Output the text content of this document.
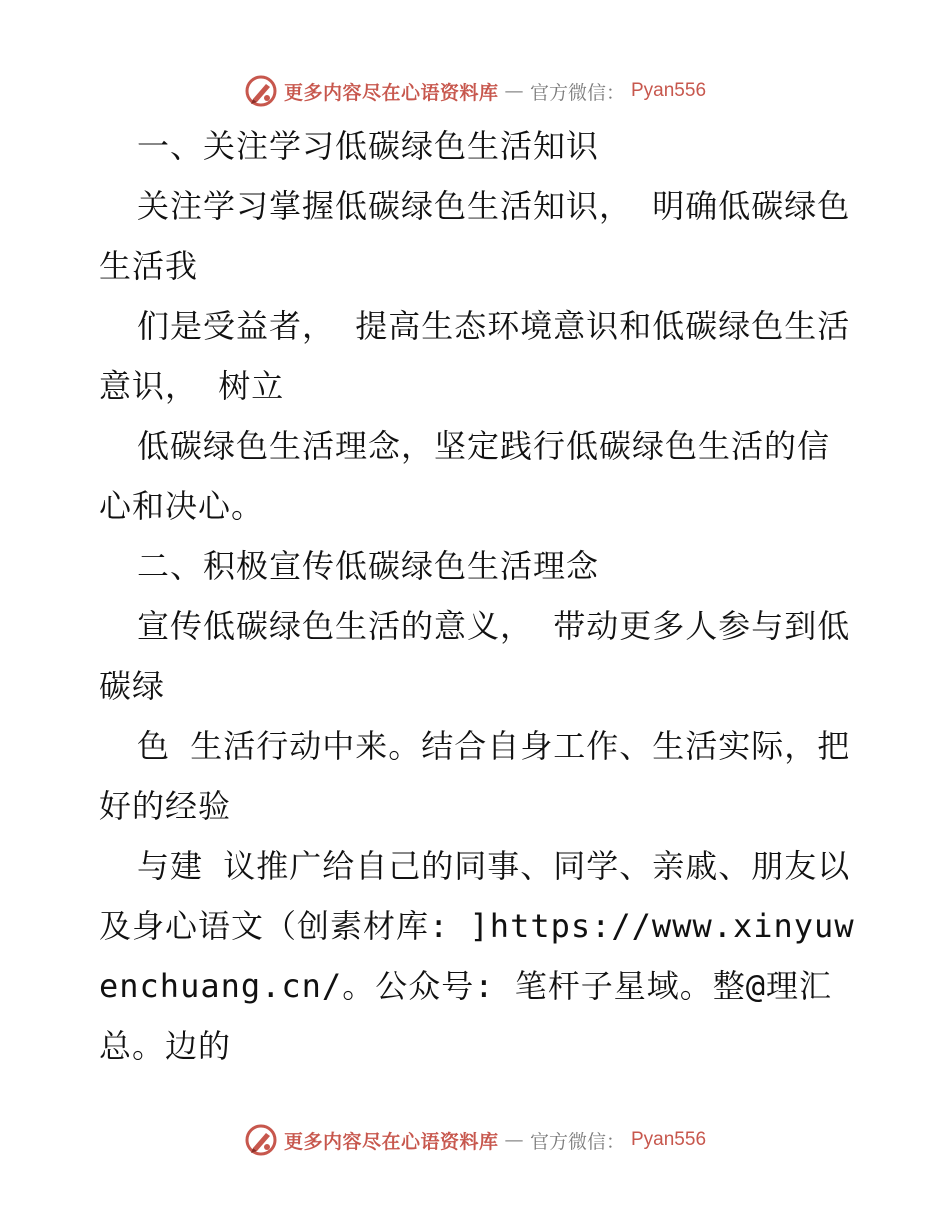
更多内容尽在心语资料库 — 官方微信： Pyan556

一、关注学习低碳绿色生活知识

关注学习掌握低碳绿色生活知识， 明确低碳绿色生活我

们是受益者， 提高生态环境意识和低碳绿色生活意识， 树立

低碳绿色生活理念，坚定践行低碳绿色生活的信心和决心。

二、积极宣传低碳绿色生活理念

宣传低碳绿色生活的意义， 带动更多人参与到低碳绿

色 生活行动中来。结合自身工作、生活实际，把好的经验

与建 议推广给自己的同事、同学、亲戚、朋友以及身心语文（创素材库: ]https://www.xinyuwenchuang.cn/。公众号: 笔杆子星域。整@理汇总。边的

更多内容尽在心语资料库 — 官方微信： Pyan556
